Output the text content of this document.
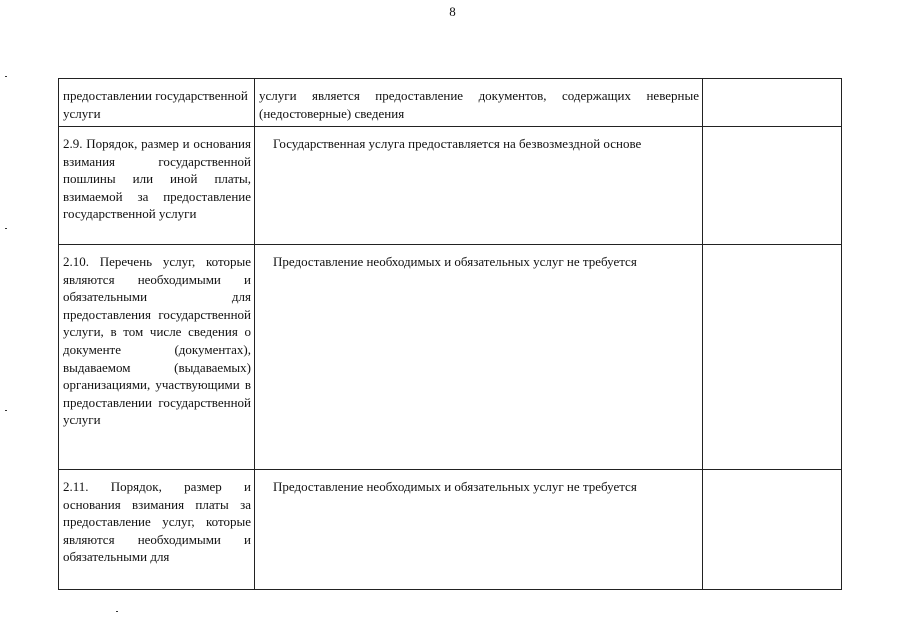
8
предоставлении государственной услуги	услуги является предоставление документов, содержащих неверные (недостоверные) сведения	
2.9. Порядок, размер и основания взимания государственной пошлины или иной платы, взимаемой за предоставление государственной услуги	Государственная услуга предоставляется на безвозмездной основе	
2.10. Перечень услуг, которые являются необходимыми и обязательными для предоставления государственной услуги, в том числе сведения о документе (документах), выдаваемом (выдаваемых) организациями, участвующими в предоставлении государственной услуги	Предоставление необходимых и обязательных услуг не требуется	
2.11. Порядок, размер и основания взимания платы за предоставление услуг, которые являются необходимыми и обязательными для	Предоставление необходимых и обязательных услуг не требуется	
